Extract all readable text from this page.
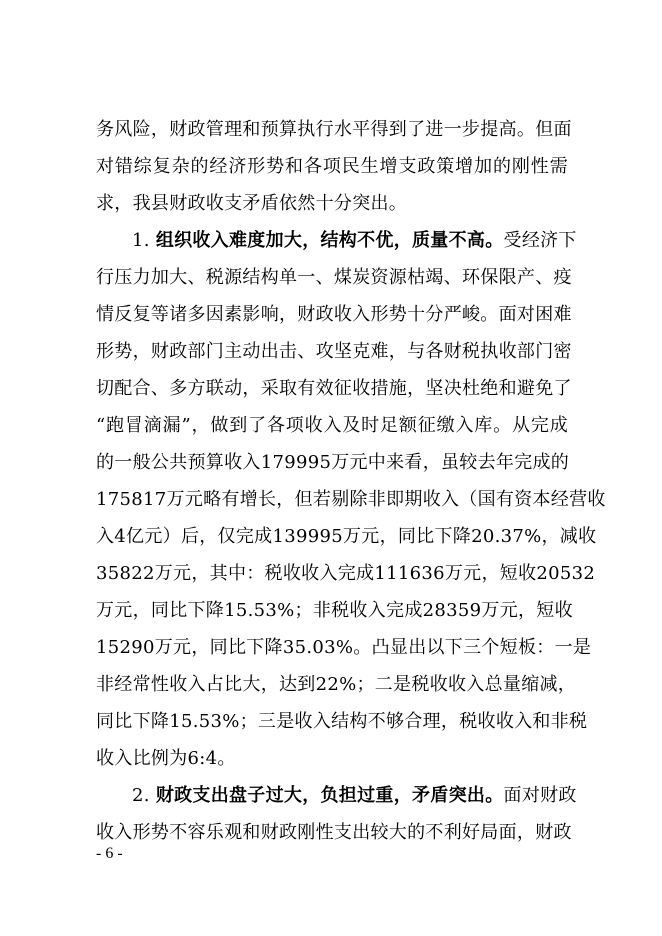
务风险，财政管理和预算执行水平得到了进一步提高。但面
对错综复杂的经济形势和各项民生增支政策增加的刚性需
求，我县财政收支矛盾依然十分突出。
1. 组织收入难度加大，结构不优，质量不高。受经济下
行压力加大、税源结构单一、煤炭资源枯竭、环保限产、疫
情反复等诸多因素影响，财政收入形势十分严峻。面对困难
形势，财政部门主动出击、攻坚克难，与各财税执收部门密
切配合、多方联动，采取有效征收措施，坚决杜绝和避免了
“跑冒滴漏”，做到了各项收入及时足额征缴入库。从完成
的一般公共预算收入179995万元中来看，虽较去年完成的
175817万元略有增长，但若剔除非即期收入（国有资本经营收
入4亿元）后，仅完成139995万元，同比下降20.37%，减收
35822万元，其中：税收收入完成111636万元，短收20532
万元，同比下降15.53%；非税收入完成28359万元，短收
15290万元，同比下降35.03%。凸显出以下三个短板：一是
非经常性收入占比大，达到22%；二是税收收入总量缩减，
同比下降15.53%；三是收入结构不够合理，税收收入和非税
收入比例为6:4。
2. 财政支出盘子过大，负担过重，矛盾突出。面对财政
收入形势不容乐观和财政刚性支出较大的不利好局面，财政
- 6 -
